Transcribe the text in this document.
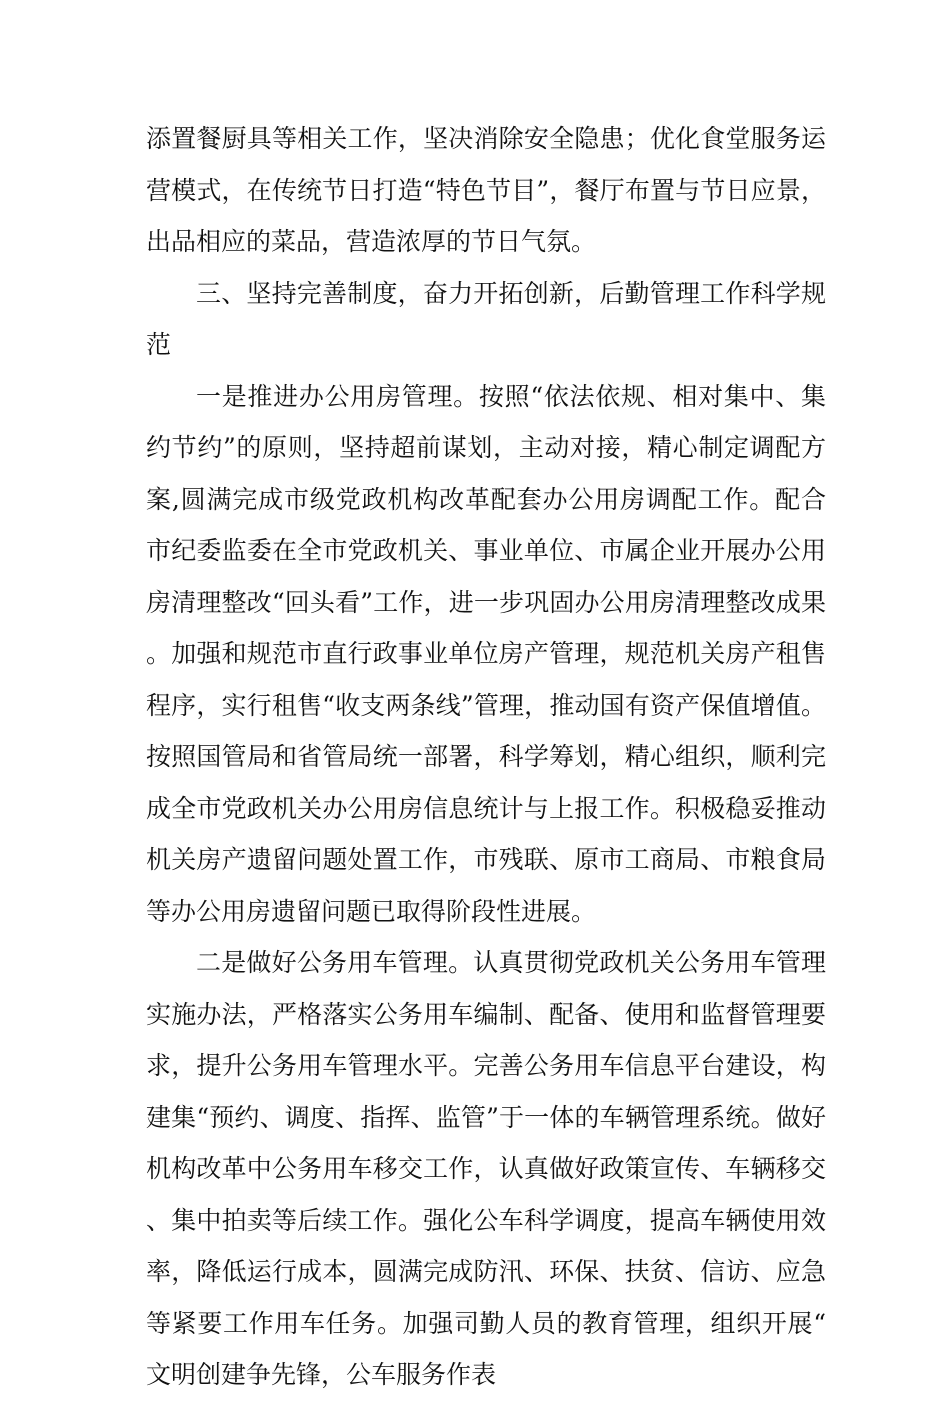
添置餐厨具等相关工作，坚决消除安全隐患；优化食堂服务运营模式，在传统节日打造“特色节目”，餐厅布置与节日应景，出品相应的菜品，营造浓厚的节日气氛。

三、坚持完善制度，奋力开拓创新，后勤管理工作科学规范

一是推进办公用房管理。按照“依法依规、相对集中、集约节约”的原则，坚持超前谋划，主动对接，精心制定调配方案,圆满完成市级党政机构改革配套办公用房调配工作。配合市纪委监委在全市党政机关、事业单位、市属企业开展办公用房清理整改“回头看”工作，进一步巩固办公用房清理整改成果。加强和规范市直行政事业单位房产管理，规范机关房产租售程序，实行租售“收支两条线”管理，推动国有资产保值增值。按照国管局和省管局统一部署，科学筹划，精心组织，顺利完成全市党政机关办公用房信息统计与上报工作。积极稳妥推动机关房产遗留问题处置工作，市残联、原市工商局、市粮食局等办公用房遗留问题已取得阶段性进展。

二是做好公务用车管理。认真贯彻党政机关公务用车管理实施办法，严格落实公务用车编制、配备、使用和监督管理要求，提升公务用车管理水平。完善公务用车信息平台建设，构建集“预约、调度、指挥、监管”于一体的车辆管理系统。做好机构改革中公务用车移交工作，认真做好政策宣传、车辆移交、集中拍卖等后续工作。强化公车科学调度，提高车辆使用效率，降低运行成本，圆满完成防汛、环保、扶贫、信访、应急等紧要工作用车任务。加强司勤人员的教育管理，组织开展“文明创建争先锋，公车服务作表
